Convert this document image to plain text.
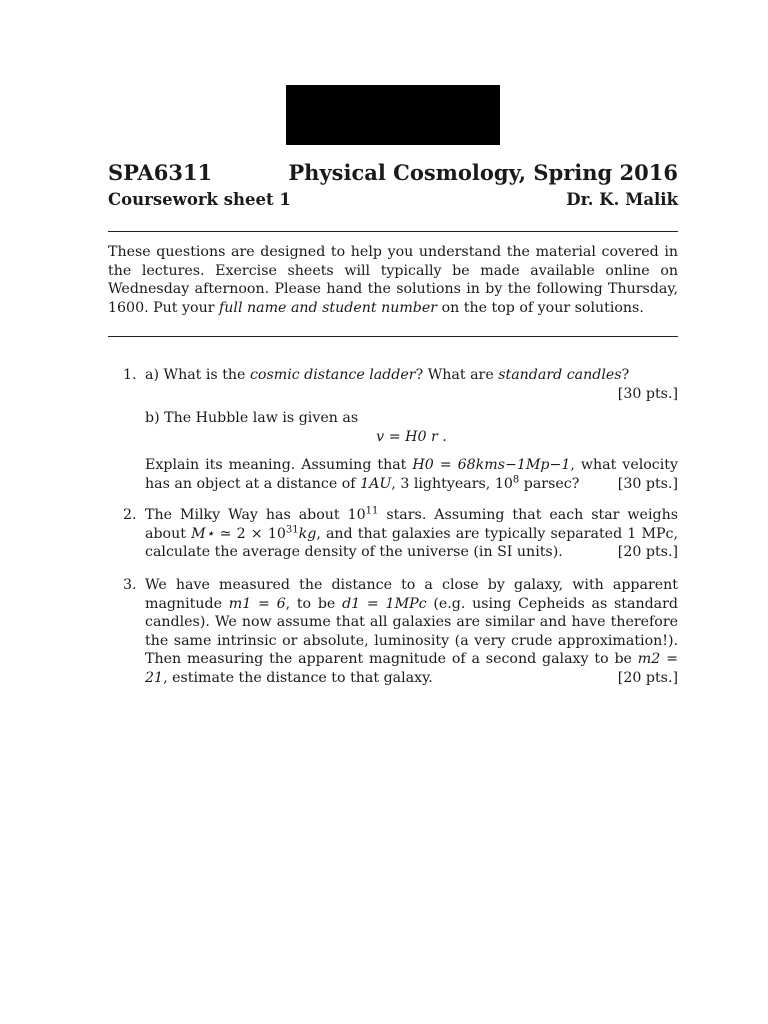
SPA6311	Physical Cosmology, Spring 2016
Coursework sheet 1	Dr. K. Malik
These questions are designed to help you understand the material covered in the lectures. Exercise sheets will typically be made available online on Wednesday afternoon. Please hand the solutions in by the following Thursday, 1600. Put your full name and student number on the top of your solutions.
1. a) What is the cosmic distance ladder? What are standard candles?
[30 pts.]
b) The Hubble law is given as
v = H0 r .
Explain its meaning. Assuming that H0 = 68kms−1Mp−1, what velocity has an object at a distance of 1AU, 3 lightyears, $10^8$ parsec?	[30 pts.]
2. The Milky Way has about $10^{11}$ stars. Assuming that each star weighs about M⋆ ≃ $2 \times 10^{31}kg$, and that galaxies are typically separated 1 MPc, calculate the average density of the universe (in SI units).	[20 pts.]
3. We have measured the distance to a close by galaxy, with apparent magnitude m1 = 6, to be d1 = 1MPc (e.g. using Cepheids as standard candles). We now assume that all galaxies are similar and have therefore the same intrinsic or absolute, luminosity (a very crude approximation!). Then measuring the apparent magnitude of a second galaxy to be m2 = 21, estimate the distance to that galaxy.	[20 pts.]
